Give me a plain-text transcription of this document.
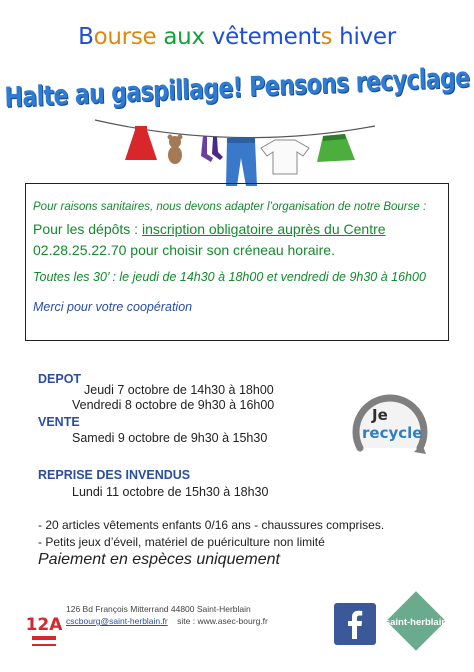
Bourse aux vêtements hiver
Halte au gaspillage! Pensons recyclage
Pour raisons sanitaires, nous devons adapter l’organisation de notre Bourse :
Pour les dépôts : inscription obligatoire auprès du Centre
02.28.25.22.70 pour choisir son créneau horaire.
Toutes les 30’ : le jeudi de 14h30 à 18h00 et vendredi de 9h30 à 16h00
Merci pour votre coopération
DEPOT
Jeudi 7 octobre de 14h30 à 18h00
Vendredi 8 octobre de 9h30 à 16h00
VENTE
Samedi 9 octobre de 9h30 à 15h30
REPRISE DES INVENDUS
Lundi 11 octobre de 15h30 à 18h30
Je
recycle
- 20 articles vêtements enfants 0/16 ans - chaussures comprises.
- Petits jeux d’éveil, matériel de puériculture non limité
Paiement en espèces uniquement
12A
126 Bd François Mitterrand 44800 Saint-Herblain
cscbourg@saint-herblain.fr site : www.asec-bourg.fr	saint-herblain
